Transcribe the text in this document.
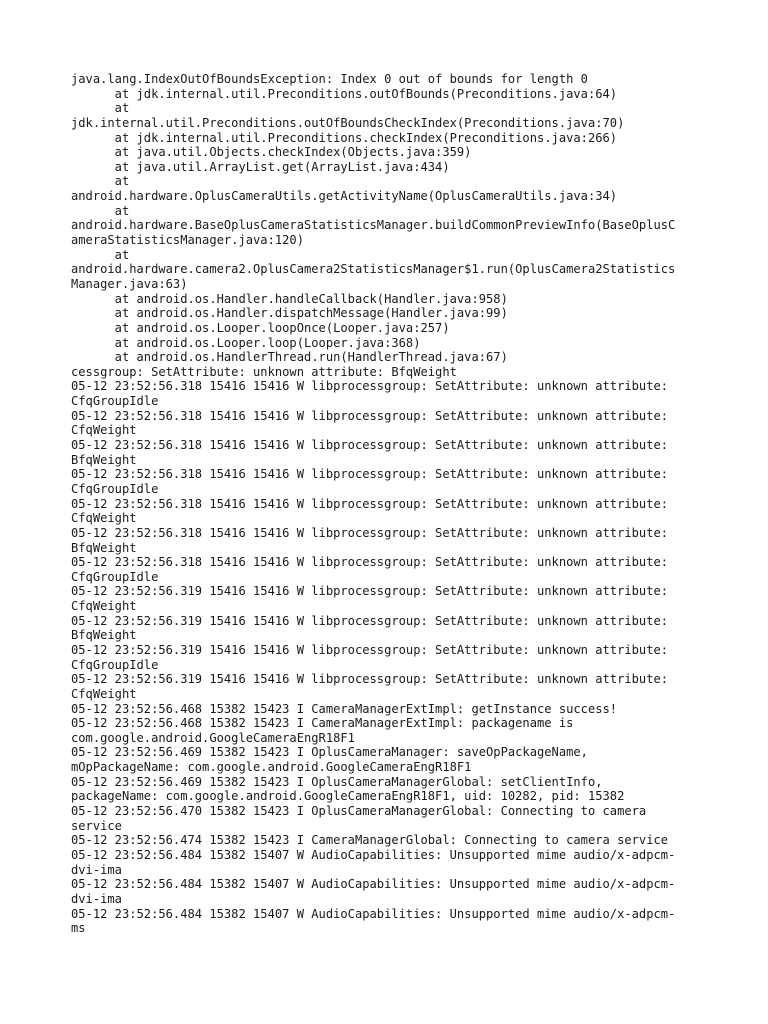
java.lang.IndexOutOfBoundsException: Index 0 out of bounds for length 0
at jdk.internal.util.Preconditions.outOfBounds(Preconditions.java:64)
at
jdk.internal.util.Preconditions.outOfBoundsCheckIndex(Preconditions.java:70)
at jdk.internal.util.Preconditions.checkIndex(Preconditions.java:266)
at java.util.Objects.checkIndex(Objects.java:359)
at java.util.ArrayList.get(ArrayList.java:434)
at
android.hardware.OplusCameraUtils.getActivityName(OplusCameraUtils.java:34)
at
android.hardware.BaseOplusCameraStatisticsManager.buildCommonPreviewInfo(BaseOplusC
ameraStatisticsManager.java:120)
at
android.hardware.camera2.OplusCamera2StatisticsManager$1.run(OplusCamera2Statistics
Manager.java:63)
at android.os.Handler.handleCallback(Handler.java:958)
at android.os.Handler.dispatchMessage(Handler.java:99)
at android.os.Looper.loopOnce(Looper.java:257)
at android.os.Looper.loop(Looper.java:368)
at android.os.HandlerThread.run(HandlerThread.java:67)
cessgroup: SetAttribute: unknown attribute: BfqWeight
05-12 23:52:56.318 15416 15416 W libprocessgroup: SetAttribute: unknown attribute:
CfqGroupIdle
05-12 23:52:56.318 15416 15416 W libprocessgroup: SetAttribute: unknown attribute:
CfqWeight
05-12 23:52:56.318 15416 15416 W libprocessgroup: SetAttribute: unknown attribute:
BfqWeight
05-12 23:52:56.318 15416 15416 W libprocessgroup: SetAttribute: unknown attribute:
CfqGroupIdle
05-12 23:52:56.318 15416 15416 W libprocessgroup: SetAttribute: unknown attribute:
CfqWeight
05-12 23:52:56.318 15416 15416 W libprocessgroup: SetAttribute: unknown attribute:
BfqWeight
05-12 23:52:56.318 15416 15416 W libprocessgroup: SetAttribute: unknown attribute:
CfqGroupIdle
05-12 23:52:56.319 15416 15416 W libprocessgroup: SetAttribute: unknown attribute:
CfqWeight
05-12 23:52:56.319 15416 15416 W libprocessgroup: SetAttribute: unknown attribute:
BfqWeight
05-12 23:52:56.319 15416 15416 W libprocessgroup: SetAttribute: unknown attribute:
CfqGroupIdle
05-12 23:52:56.319 15416 15416 W libprocessgroup: SetAttribute: unknown attribute:
CfqWeight
05-12 23:52:56.468 15382 15423 I CameraManagerExtImpl: getInstance success!
05-12 23:52:56.468 15382 15423 I CameraManagerExtImpl: packagename is
com.google.android.GoogleCameraEngR18F1
05-12 23:52:56.469 15382 15423 I OplusCameraManager: saveOpPackageName,
mOpPackageName: com.google.android.GoogleCameraEngR18F1
05-12 23:52:56.469 15382 15423 I OplusCameraManagerGlobal: setClientInfo,
packageName: com.google.android.GoogleCameraEngR18F1, uid: 10282, pid: 15382
05-12 23:52:56.470 15382 15423 I OplusCameraManagerGlobal: Connecting to camera
service
05-12 23:52:56.474 15382 15423 I CameraManagerGlobal: Connecting to camera service
05-12 23:52:56.484 15382 15407 W AudioCapabilities: Unsupported mime audio/x-adpcm-
dvi-ima
05-12 23:52:56.484 15382 15407 W AudioCapabilities: Unsupported mime audio/x-adpcm-
dvi-ima
05-12 23:52:56.484 15382 15407 W AudioCapabilities: Unsupported mime audio/x-adpcm-
ms
